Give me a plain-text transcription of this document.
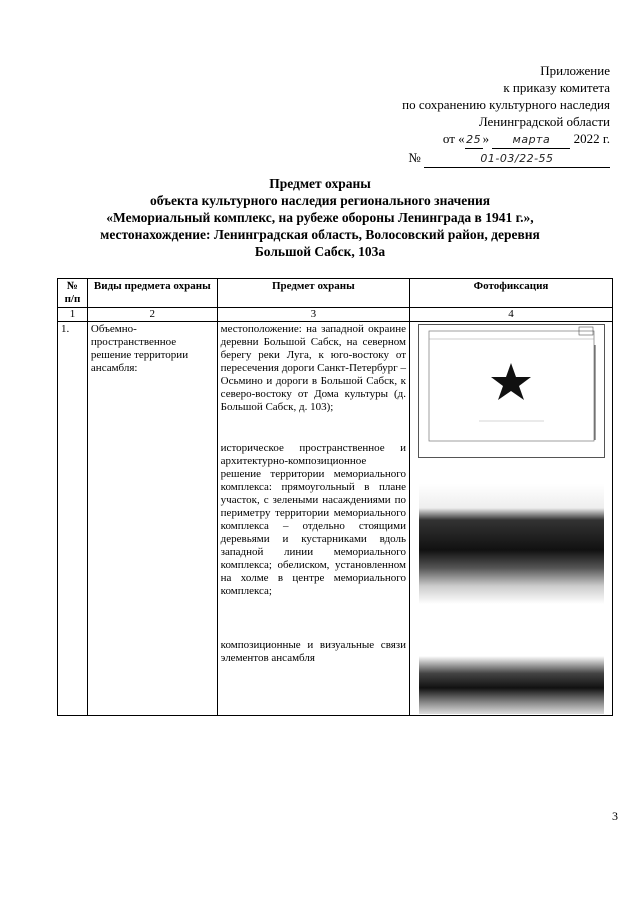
Приложение
к приказу комитета
по сохранению культурного наследия
Ленинградской области
от « 25 » марта 2022 г.
№	01-03/22-55
Предмет охраны
объекта культурного наследия регионального значения
«Мемориальный комплекс, на рубеже обороны Ленинграда в 1941 г.»,
местонахождение: Ленинградская область, Волосовский район, деревня
Большой Сабск, 103а
№ п/п	Виды предмета охраны	Предмет охраны	Фотофиксация
1	2	3	4
1.	Объемно-пространственное решение территории ансамбля:	местоположение: на западной окраине деревни Большой Сабск, на северном берегу реки Луга, к юго-востоку от пересечения дороги Санкт-Петербург – Осьмино и дороги в Большой Сабск, к северо-востоку от Дома культуры (д. Большой Сабск, д. 103);

историческое пространственное и архитектурно-композиционное решение территории мемориального комплекса: прямоугольный в плане участок, с зелеными насаждениями по периметру территории мемориального комплекса – отдельно стоящими деревьями и кустарниками вдоль западной линии мемориального комплекса; обелиском, установленном на холме в центре мемориального комплекса;

композиционные и визуальные связи элементов ансамбля

3
